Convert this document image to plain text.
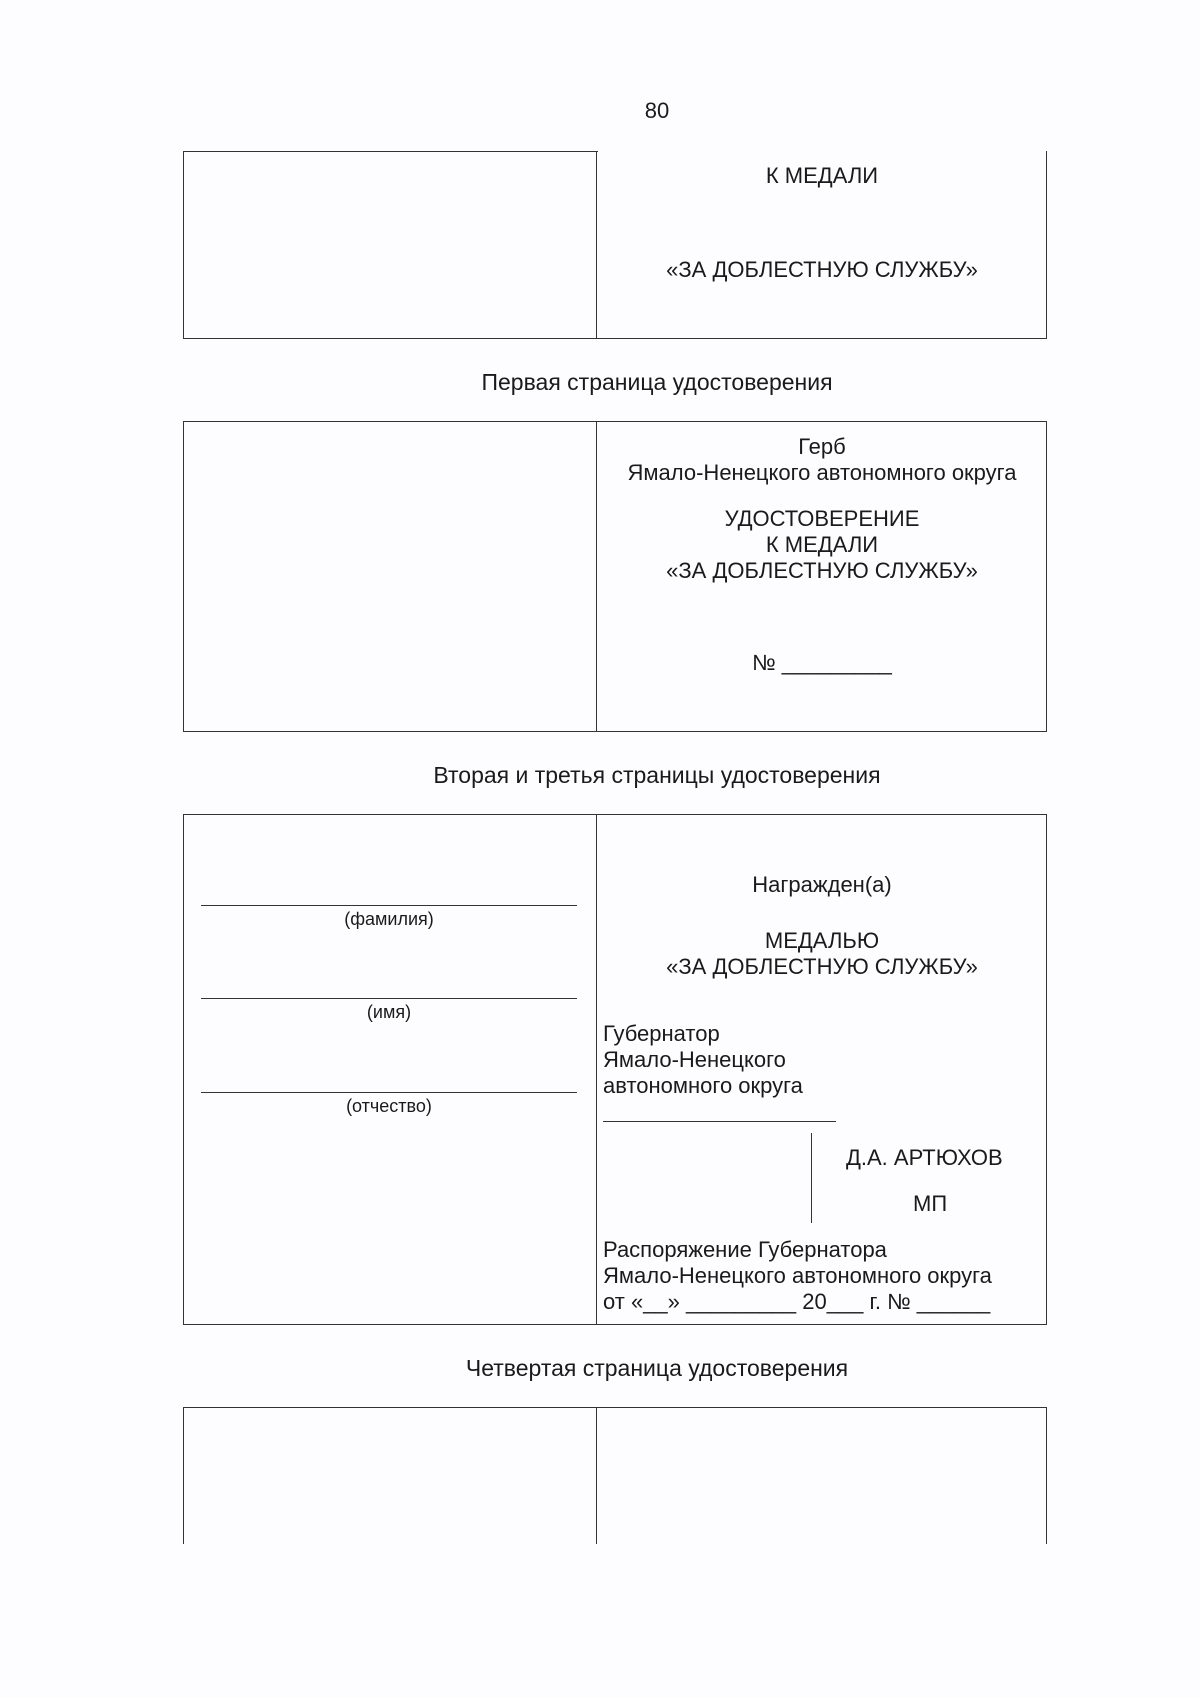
80
К МЕДАЛИ
«ЗА ДОБЛЕСТНУЮ СЛУЖБУ»
Первая страница удостоверения
Герб
Ямало-Ненецкого автономного округа
УДОСТОВЕРЕНИЕ
К МЕДАЛИ
«ЗА ДОБЛЕСТНУЮ СЛУЖБУ»
№ _________
Вторая и третья страницы удостоверения
(фамилия)
(имя)
(отчество)
Награжден(а)
МЕДАЛЬЮ
«ЗА ДОБЛЕСТНУЮ СЛУЖБУ»
Губернатор
Ямало-Ненецкого
автономного округа
Д.А. АРТЮХОВ
МП
Распоряжение Губернатора
Ямало-Ненецкого автономного округа
от «__» _________ 20___ г. № ______
Четвертая страница удостоверения
